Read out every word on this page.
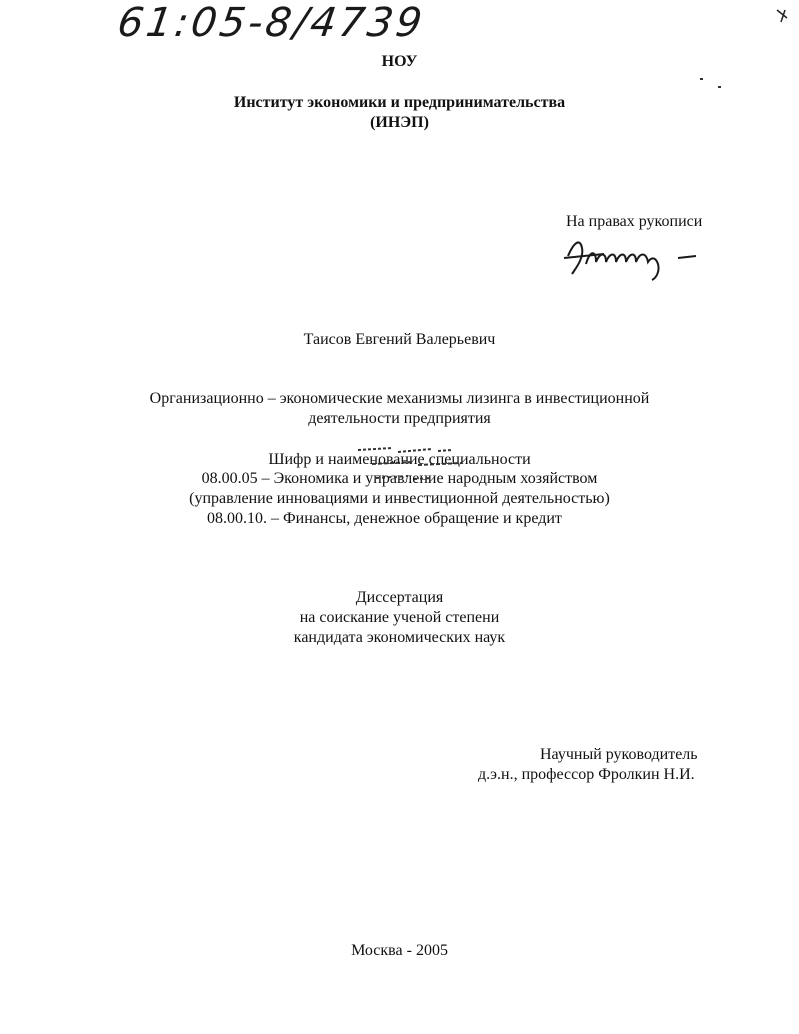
61:05-8/4739
НОУ
Институт экономики и предпринимательства
(ИНЭП)
На правах рукописи
Таисов Евгений Валерьевич
Организационно – экономические механизмы лизинга в инвестиционной
деятельности предприятия
Шифр и наименование специальности
08.00.05 – Экономика и управление народным хозяйством
(управление инновациями и инвестиционной деятельностью)
08.00.10. – Финансы, денежное обращение и кредит
Диссертация
на соискание ученой степени
кандидата экономических наук
Научный руководитель
д.э.н., профессор Фролкин Н.И.
Москва - 2005
